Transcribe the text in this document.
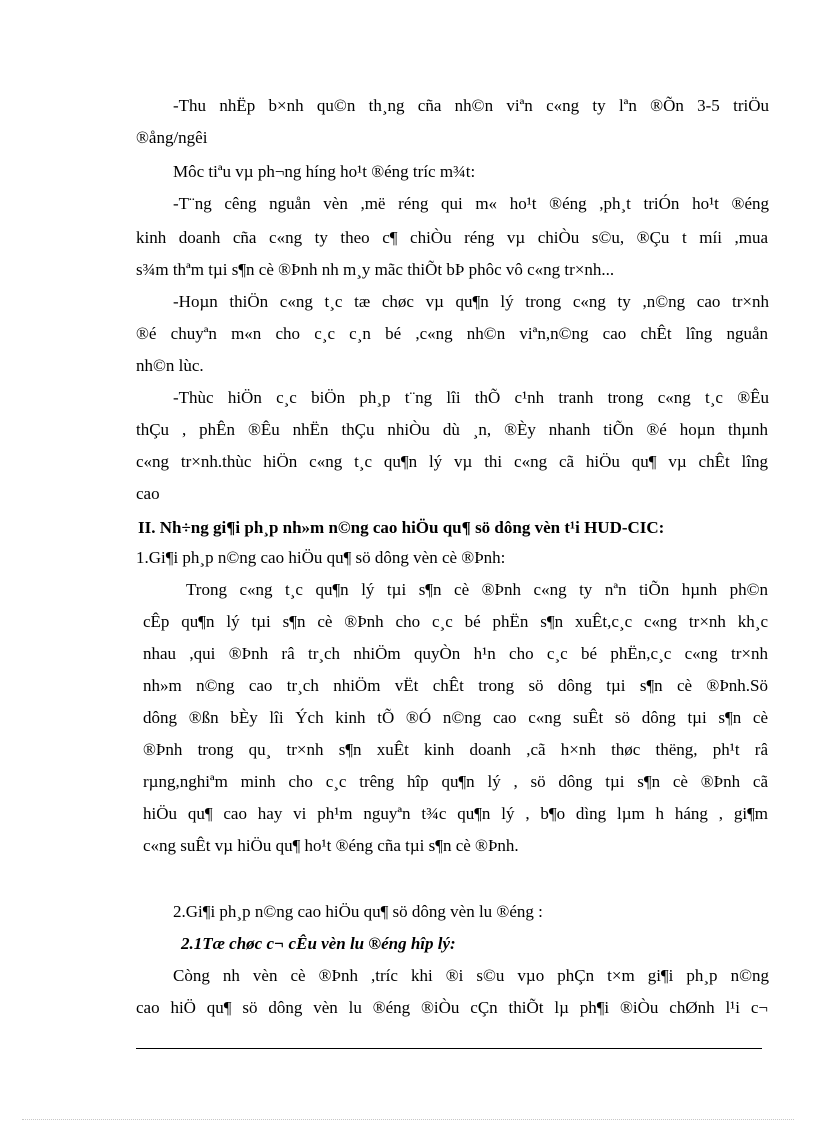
-Thu nhËp b×nh qu©n th¸ng cña nh©n viªn c«ng ty lªn ®Õn 3-5 triÖu
®ång/ngêi
Môc tiªu vµ ph¬ng híng ho¹t ®éng tríc m¾t:
-T¨ng cêng nguån vèn ,më réng qui m« ho¹t ®éng ,ph¸t triÓn ho¹t ®éng
kinh doanh cña c«ng ty theo c¶ chiÒu réng vµ chiÒu s©u, ®Çu t míi ,mua
s¾m thªm tµi s¶n cè ®Þnh nh m¸y mãc thiÕt bÞ phôc vô c«ng tr×nh...
-Hoµn thiÖn c«ng t¸c tæ chøc vµ qu¶n lý trong c«ng ty ,n©ng cao tr×nh
®é chuyªn m«n cho c¸c c¸n bé ,c«ng nh©n viªn,n©ng cao chÊt lîng nguån
nh©n lùc.
-Thùc hiÖn c¸c biÖn ph¸p t¨ng lîi thÕ c¹nh tranh trong c«ng t¸c ®Êu
thÇu , phÊn ®Êu nhËn thÇu nhiÒu dù ¸n, ®Èy nhanh tiÕn ®é hoµn thµnh
c«ng tr×nh.thùc hiÖn c«ng t¸c qu¶n lý vµ thi c«ng cã hiÖu qu¶ vµ chÊt lîng
cao
II. Nh÷ng gi¶i ph¸p nh»m n©ng cao hiÖu qu¶ sö dông vèn t¹i HUD-CIC:
1.Gi¶i ph¸p n©ng cao hiÖu qu¶ sö dông vèn cè ®Þnh:
Trong c«ng t¸c qu¶n lý tµi s¶n cè ®Þnh c«ng ty nªn tiÕn hµnh ph©n
cÊp qu¶n lý tµi s¶n cè ®Þnh cho c¸c bé phËn s¶n xuÊt,c¸c c«ng tr×nh kh¸c
nhau ,qui ®Þnh râ tr¸ch nhiÖm quyÒn h¹n cho c¸c bé phËn,c¸c c«ng tr×nh
nh»m n©ng cao tr¸ch nhiÖm vËt chÊt trong sö dông tµi s¶n cè ®Þnh.Sö
dông ®ßn bÈy lîi Ých kinh tÕ ®Ó n©ng cao c«ng suÊt sö dông tµi s¶n cè
®Þnh trong qu¸ tr×nh s¶n xuÊt kinh doanh ,cã h×nh thøc thëng, ph¹t râ
rµng,nghiªm minh cho c¸c trêng hîp qu¶n lý , sö dông tµi s¶n cè ®Þnh cã
hiÖu qu¶ cao hay vi ph¹m nguyªn t¾c qu¶n lý , b¶o dìng lµm h háng , gi¶m
c«ng suÊt vµ hiÖu qu¶ ho¹t ®éng cña tµi s¶n cè ®Þnh.
2.Gi¶i ph¸p n©ng cao hiÖu qu¶ sö dông vèn lu ®éng :
2.1Tæ chøc c¬ cÊu vèn lu ®éng hîp lý:
Còng nh vèn cè ®Þnh ,tríc khi ®i s©u vµo phÇn t×m gi¶i ph¸p n©ng
cao hiÖ qu¶ sö dông vèn lu ®éng ®iÒu cÇn thiÕt lµ ph¶i ®iÒu chØnh l¹i c¬
